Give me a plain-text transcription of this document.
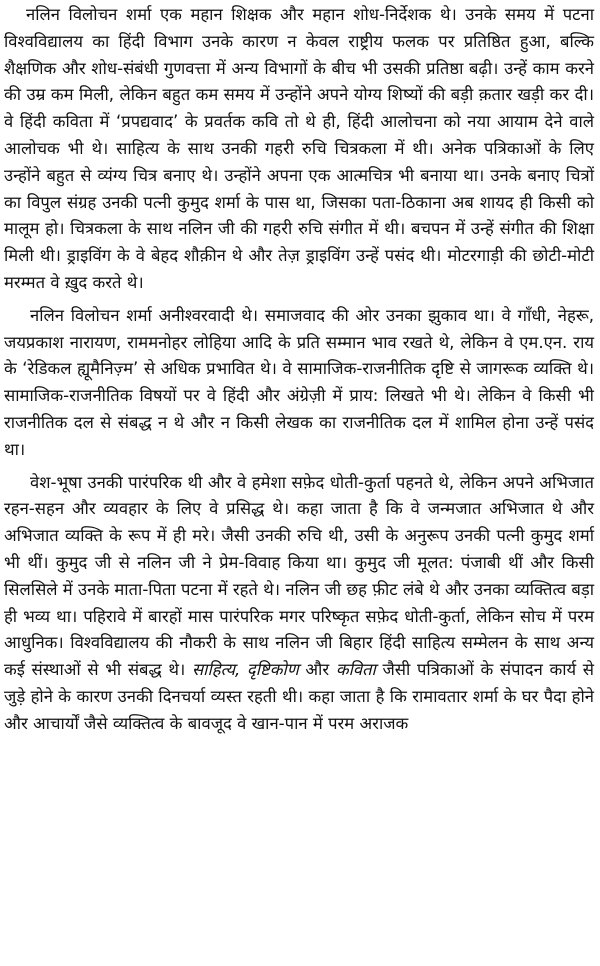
नलिन विलोचन शर्मा एक महान शिक्षक और महान शोध-निर्देशक थे। उनके समय में पटना विश्वविद्यालय का हिंदी विभाग उनके कारण न केवल राष्ट्रीय फलक पर प्रतिष्ठित हुआ, बल्कि शैक्षणिक और शोध-संबंधी गुणवत्ता में अन्य विभागों के बीच भी उसकी प्रतिष्ठा बढ़ी। उन्हें काम करने की उम्र कम मिली, लेकिन बहुत कम समय में उन्होंने अपने योग्य शिष्यों की बड़ी क़तार खड़ी कर दी। वे हिंदी कविता में ‘प्रपद्यवाद’ के प्रवर्तक कवि तो थे ही, हिंदी आलोचना को नया आयाम देने वाले आलोचक भी थे। साहित्य के साथ उनकी गहरी रुचि चित्रकला में थी। अनेक पत्रिकाओं के लिए उन्होंने बहुत से व्यंग्य चित्र बनाए थे। उन्होंने अपना एक आत्मचित्र भी बनाया था। उनके बनाए चित्रों का विपुल संग्रह उनकी पत्नी कुमुद शर्मा के पास था, जिसका पता-ठिकाना अब शायद ही किसी को मालूम हो। चित्रकला के साथ नलिन जी की गहरी रुचि संगीत में थी। बचपन में उन्हें संगीत की शिक्षा मिली थी। ड्राइविंग के वे बेहद शौक़ीन थे और तेज़ ड्राइविंग उन्हें पसंद थी। मोटरगाड़ी की छोटी-मोटी मरम्मत वे ख़ुद करते थे।

नलिन विलोचन शर्मा अनीश्वरवादी थे। समाजवाद की ओर उनका झुकाव था। वे गाँधी, नेहरू, जयप्रकाश नारायण, राममनोहर लोहिया आदि के प्रति सम्मान भाव रखते थे, लेकिन वे एम.एन. राय के ‘रेडिकल ह्यूमैनिज़्म’ से अधिक प्रभावित थे। वे सामाजिक-राजनीतिक दृष्टि से जागरूक व्यक्ति थे। सामाजिक-राजनीतिक विषयों पर वे हिंदी और अंग्रेज़ी में प्राय: लिखते भी थे। लेकिन वे किसी भी राजनीतिक दल से संबद्ध न थे और न किसी लेखक का राजनीतिक दल में शामिल होना उन्हें पसंद था।

वेश-भूषा उनकी पारंपरिक थी और वे हमेशा सफ़ेद धोती-कुर्ता पहनते थे, लेकिन अपने अभिजात रहन-सहन और व्यवहार के लिए वे प्रसिद्ध थे। कहा जाता है कि वे जन्मजात अभिजात थे और अभिजात व्यक्ति के रूप में ही मरे। जैसी उनकी रुचि थी, उसी के अनुरूप उनकी पत्नी कुमुद शर्मा भी थीं। कुमुद जी से नलिन जी ने प्रेम-विवाह किया था। कुमुद जी मूलत: पंजाबी थीं और किसी सिलसिले में उनके माता-पिता पटना में रहते थे। नलिन जी छह फ़ीट लंबे थे और उनका व्यक्तित्व बड़ा ही भव्य था। पहिरावे में बारहों मास पारंपरिक मगर परिष्कृत सफ़ेद धोती-कुर्ता, लेकिन सोच में परम आधुनिक। विश्वविद्यालय की नौकरी के साथ नलिन जी बिहार हिंदी साहित्य सम्मेलन के साथ अन्य कई संस्थाओं से भी संबद्ध थे। साहित्य, दृष्टिकोण और कविता जैसी पत्रिकाओं के संपादन कार्य से जुड़े होने के कारण उनकी दिनचर्या व्यस्त रहती थी। कहा जाता है कि रामावतार शर्मा के घर पैदा होने और आचार्यों जैसे व्यक्तित्व के बावजूद वे खान-पान में परम अराजक
